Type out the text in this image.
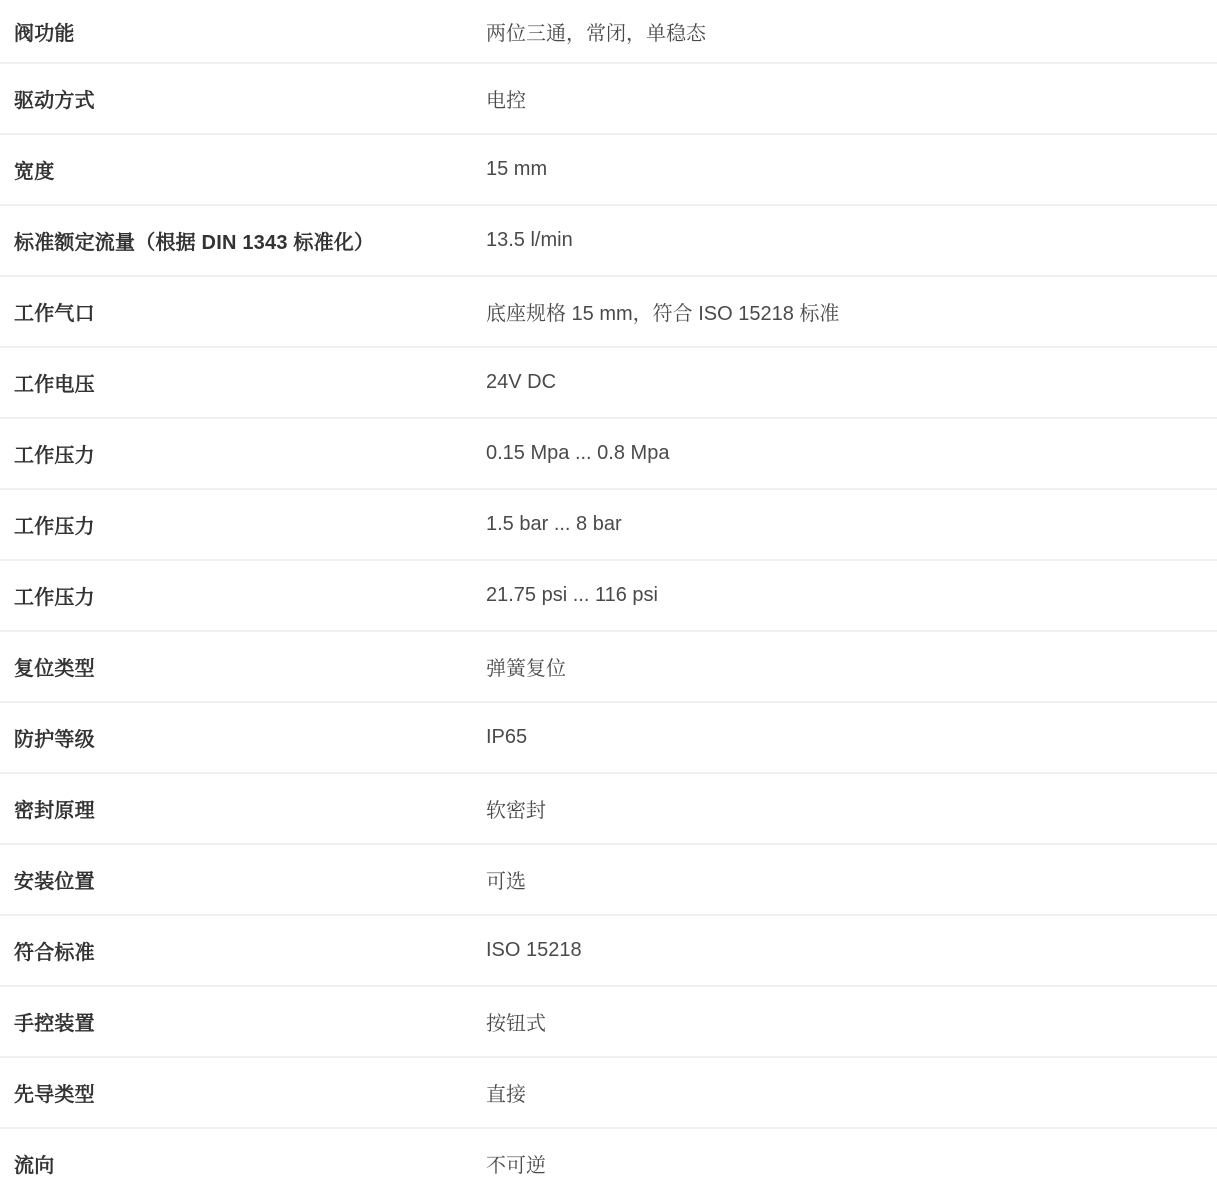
阀功能	两位三通，常闭，单稳态
驱动方式	电控
宽度	15 mm
标准额定流量（根据 DIN 1343 标准化）	13.5 l/min
工作气口	底座规格 15 mm，符合 ISO 15218 标准
工作电压	24V DC
工作压力	0.15 Mpa ... 0.8 Mpa
工作压力	1.5 bar ... 8 bar
工作压力	21.75 psi ... 116 psi
复位类型	弹簧复位
防护等级	IP65
密封原理	软密封
安装位置	可选
符合标准	ISO 15218
手控装置	按钮式
先导类型	直接
流向	不可逆
